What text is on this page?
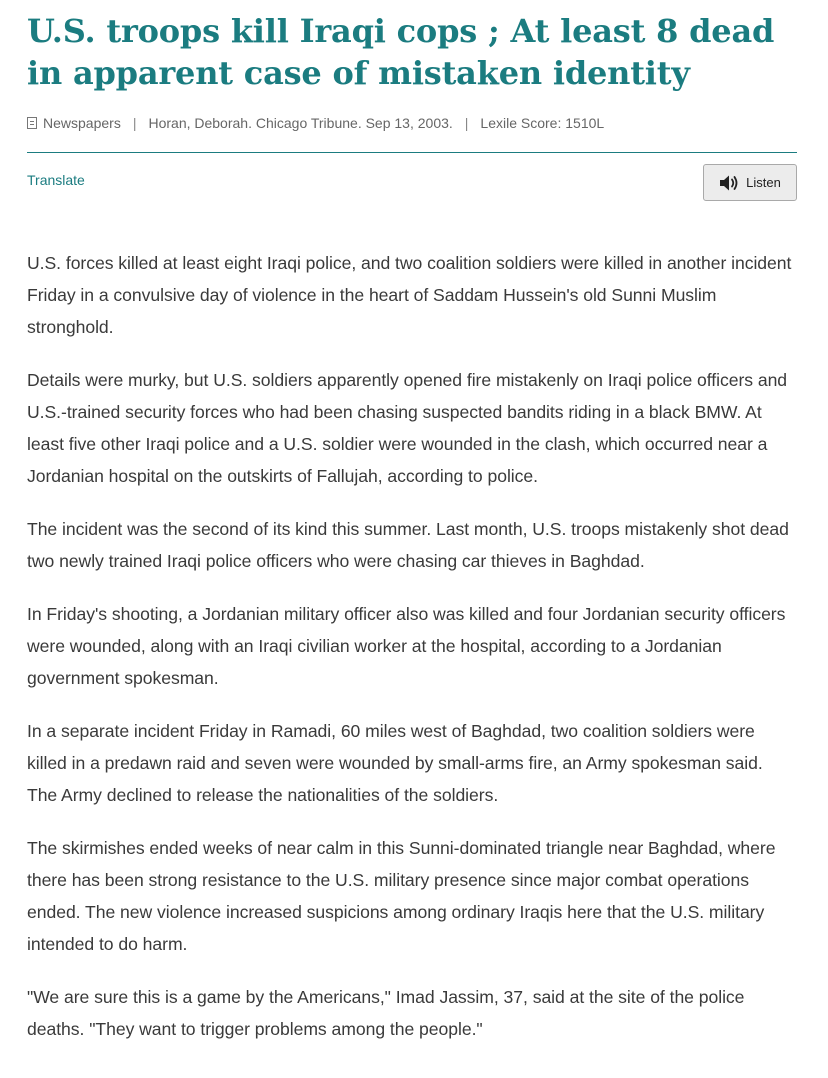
U.S. troops kill Iraqi cops ; At least 8 dead in apparent case of mistaken identity
Newspapers | Horan, Deborah. Chicago Tribune. Sep 13, 2003. | Lexile Score: 1510L
Translate	Listen

U.S. forces killed at least eight Iraqi police, and two coalition soldiers were killed in another incident Friday in a convulsive day of violence in the heart of Saddam Hussein's old Sunni Muslim stronghold.

Details were murky, but U.S. soldiers apparently opened fire mistakenly on Iraqi police officers and U.S.-trained security forces who had been chasing suspected bandits riding in a black BMW. At least five other Iraqi police and a U.S. soldier were wounded in the clash, which occurred near a Jordanian hospital on the outskirts of Fallujah, according to police.

The incident was the second of its kind this summer. Last month, U.S. troops mistakenly shot dead two newly trained Iraqi police officers who were chasing car thieves in Baghdad.

In Friday's shooting, a Jordanian military officer also was killed and four Jordanian security officers were wounded, along with an Iraqi civilian worker at the hospital, according to a Jordanian government spokesman.

In a separate incident Friday in Ramadi, 60 miles west of Baghdad, two coalition soldiers were killed in a predawn raid and seven were wounded by small-arms fire, an Army spokesman said. The Army declined to release the nationalities of the soldiers.

The skirmishes ended weeks of near calm in this Sunni-dominated triangle near Baghdad, where there has been strong resistance to the U.S. military presence since major combat operations ended. The new violence increased suspicions among ordinary Iraqis here that the U.S. military intended to do harm.

"We are sure this is a game by the Americans," Imad Jassim, 37, said at the site of the police deaths. "They want to trigger problems among the people."
